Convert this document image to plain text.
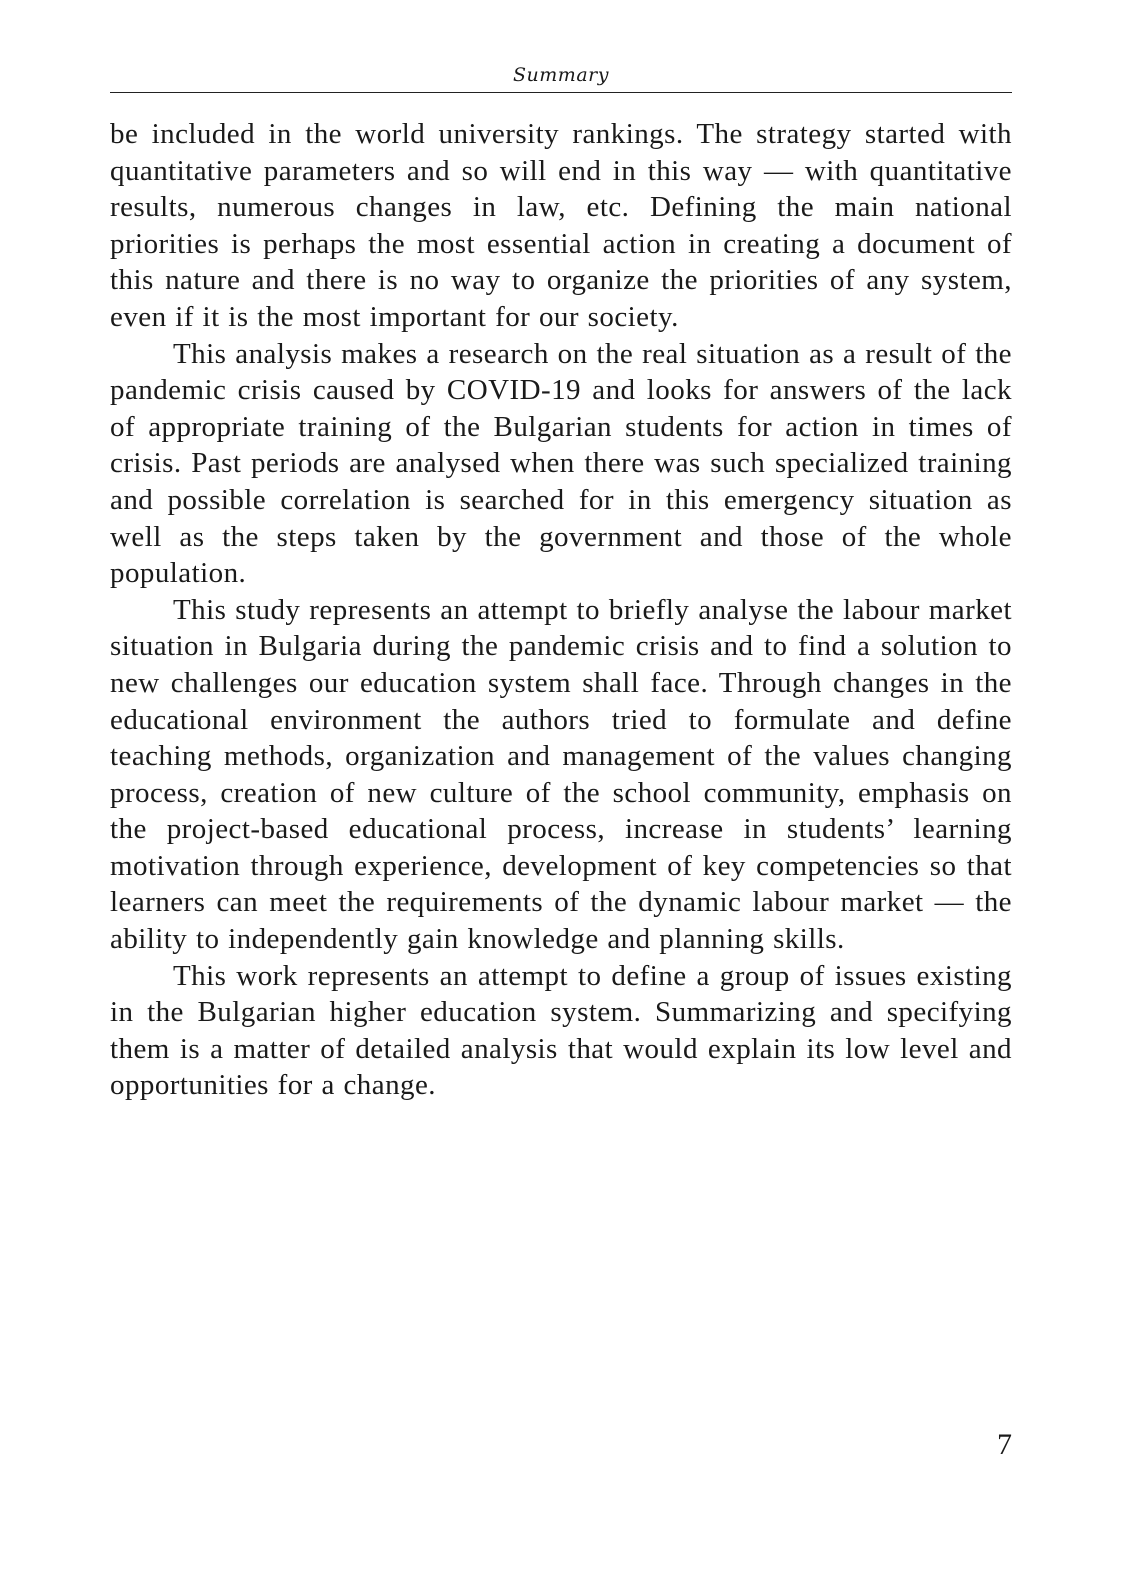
Summary

be included in the world university rankings. The strategy started with quantitative parameters and so will end in this way — with quantitative results, numerous changes in law, etc. Defining the main national priorities is perhaps the most essential action in creating a document of this nature and there is no way to organize the priorities of any system, even if it is the most important for our society.

This analysis makes a research on the real situation as a result of the pandemic crisis caused by COVID-19 and looks for answers of the lack of appropriate training of the Bulgarian students for action in times of crisis. Past periods are analysed when there was such specialized training and possible correlation is searched for in this emergency situation as well as the steps taken by the government and those of the whole population.

This study represents an attempt to briefly analyse the labour market situation in Bulgaria during the pandemic crisis and to find a solution to new challenges our education system shall face. Through changes in the educational environment the authors tried to formulate and define teaching methods, organization and management of the values changing process, creation of new culture of the school community, emphasis on the project-based educational process, increase in students’ learning motivation through experience, development of key competencies so that learners can meet the requirements of the dynamic labour market — the ability to independently gain knowledge and planning skills.

This work represents an attempt to define a group of issues existing in the Bulgarian higher education system. Summarizing and specifying them is a matter of detailed analysis that would explain its low level and opportunities for a change.

7
